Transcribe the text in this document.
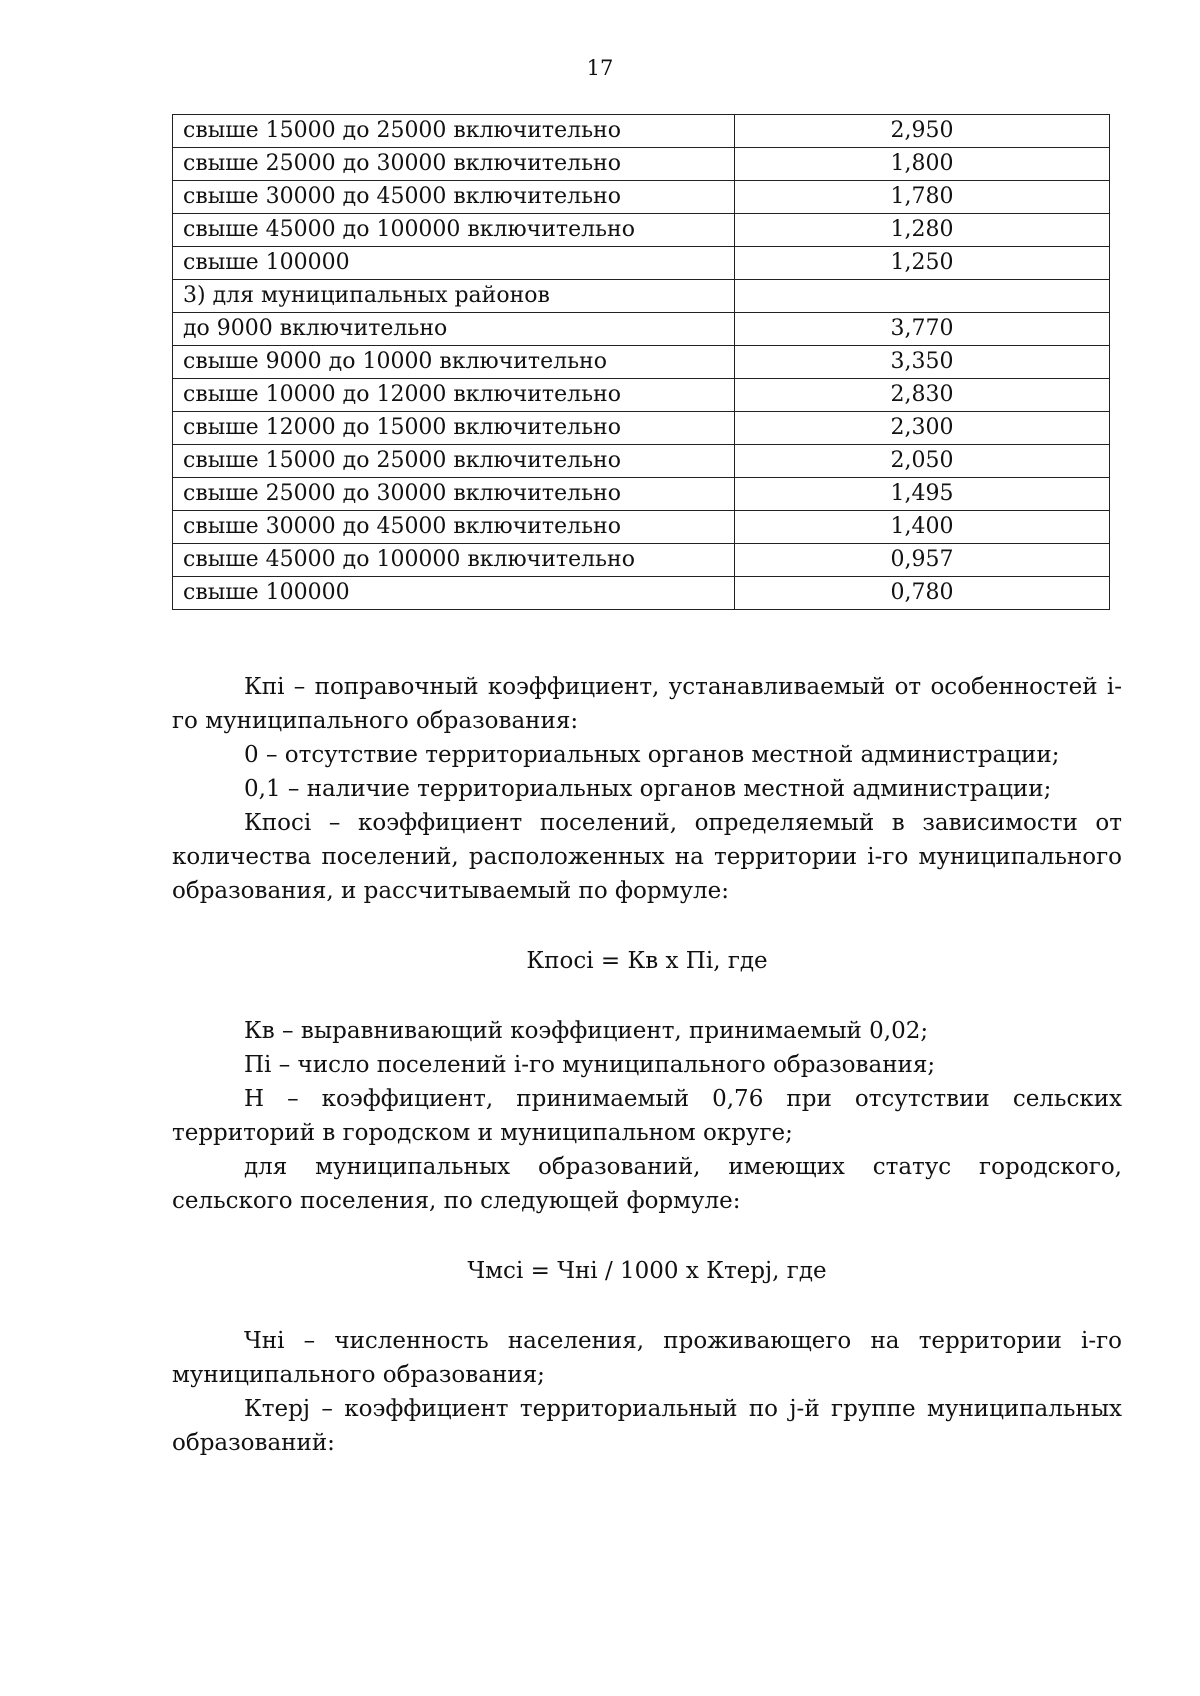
17
свыше 15000 до 25000 включительно	2,950
свыше 25000 до 30000 включительно	1,800
свыше 30000 до 45000 включительно	1,780
свыше 45000 до 100000 включительно	1,280
свыше 100000	1,250
3) для муниципальных районов	
до 9000 включительно	3,770
свыше 9000 до 10000 включительно	3,350
свыше 10000 до 12000 включительно	2,830
свыше 12000 до 15000 включительно	2,300
свыше 15000 до 25000 включительно	2,050
свыше 25000 до 30000 включительно	1,495
свыше 30000 до 45000 включительно	1,400
свыше 45000 до 100000 включительно	0,957
свыше 100000	0,780

Кпi – поправочный коэффициент, устанавливаемый от особенностей i-го муниципального образования:

0 – отсутствие территориальных органов местной администрации;

0,1 – наличие территориальных органов местной администрации;

Кпосi – коэффициент поселений, определяемый в зависимости от количества поселений, расположенных на территории i-го муниципального образования, и рассчитываемый по формуле:

Кпосi = Кв х Пi, где

Кв – выравнивающий коэффициент, принимаемый 0,02;

Пi – число поселений i-го муниципального образования;

Н – коэффициент, принимаемый 0,76 при отсутствии сельских территорий в городском и муниципальном округе;

для муниципальных образований, имеющих статус городского, сельского поселения, по следующей формуле:

Чмсi = Чнi / 1000 х Ктерj, где

Чнi – численность населения, проживающего на территории i-го муниципального образования;

Ктерj – коэффициент территориальный по j-й группе муниципальных образований:
